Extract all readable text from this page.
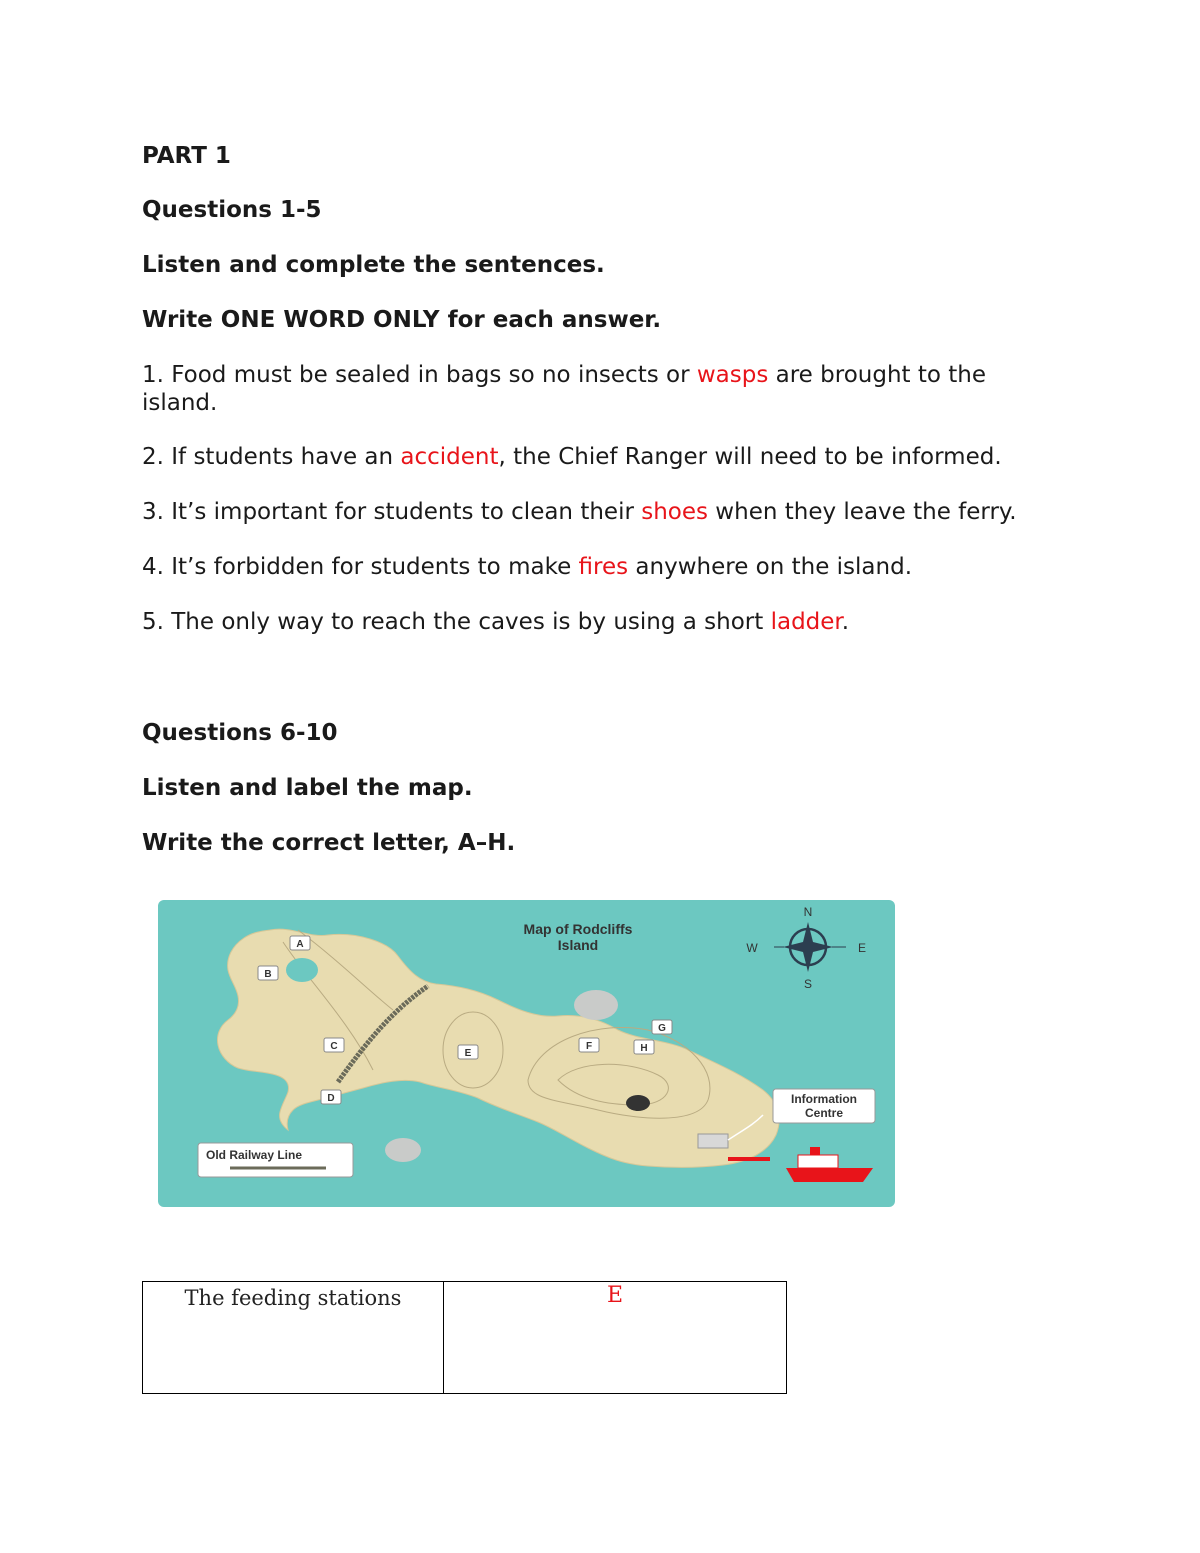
PART 1

Questions 1-5

Listen and complete the sentences.

Write ONE WORD ONLY for each answer.

1. Food must be sealed in bags so no insects or wasps are brought to the island.

2. If students have an accident, the Chief Ranger will need to be informed.

3. It’s important for students to clean their shoes when they leave the ferry.

4. It’s forbidden for students to make fires anywhere on the island.

5. The only way to reach the caves is by using a short ladder.

Questions 6-10

Listen and label the map.

Write the correct letter, A–H.

Map of Rodcliffs
Island
N
S
W	E
A
B
C
D
E
F
G
H
Information
Centre
Old Railway Line
The feeding stations	E
